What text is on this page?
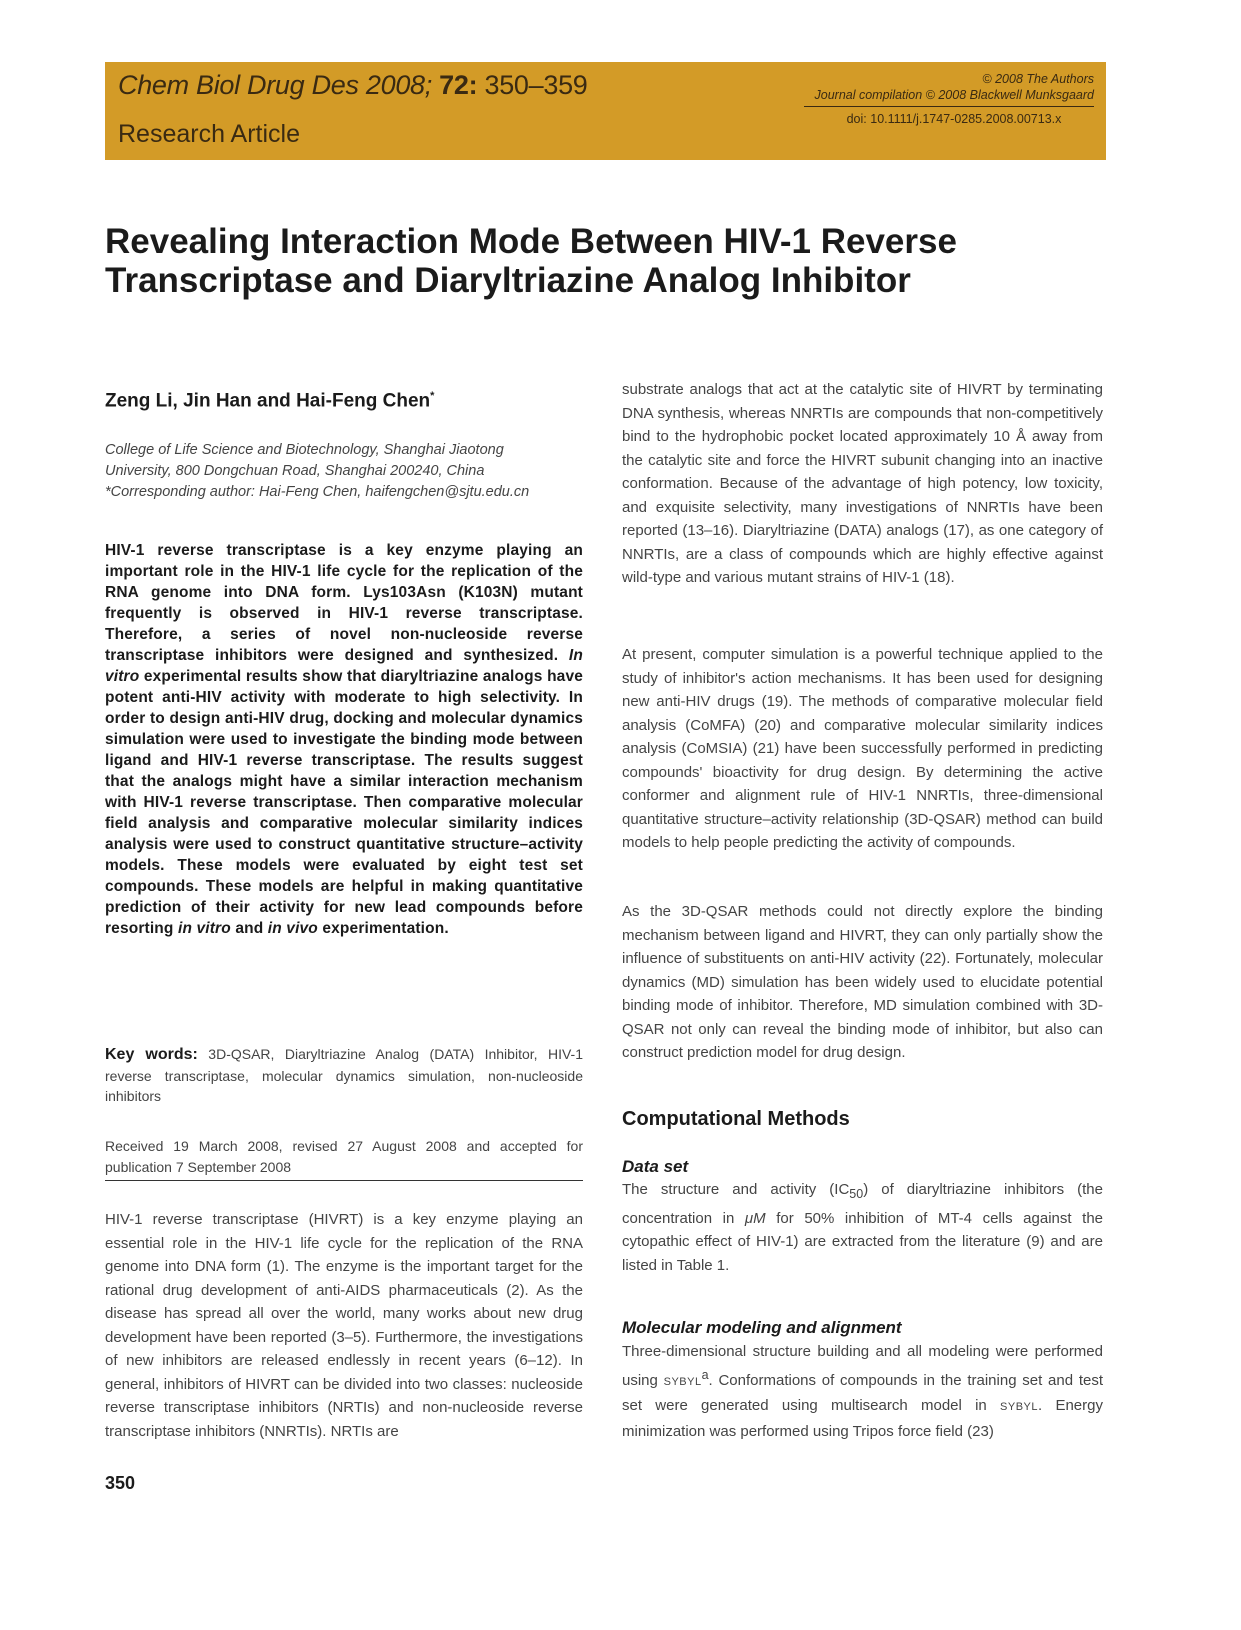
Chem Biol Drug Des 2008; 72: 350–359
Research Article
© 2008 The Authors
Journal compilation © 2008 Blackwell Munksgaard
doi: 10.1111/j.1747-0285.2008.00713.x
Revealing Interaction Mode Between HIV-1 Reverse Transcriptase and Diaryltriazine Analog Inhibitor
Zeng Li, Jin Han and Hai-Feng Chen*
College of Life Science and Biotechnology, Shanghai Jiaotong
University, 800 Dongchuan Road, Shanghai 200240, China
*Corresponding author: Hai-Feng Chen, haifengchen@sjtu.edu.cn

HIV-1 reverse transcriptase is a key enzyme playing an important role in the HIV-1 life cycle for the replication of the RNA genome into DNA form. Lys103Asn (K103N) mutant frequently is observed in HIV-1 reverse transcriptase. Therefore, a series of novel non-nucleoside reverse transcriptase inhibitors were designed and synthesized. In vitro experimental results show that diaryltriazine analogs have potent anti-HIV activity with moderate to high selectivity. In order to design anti-HIV drug, docking and molecular dynamics simulation were used to investigate the binding mode between ligand and HIV-1 reverse transcriptase. The results suggest that the analogs might have a similar interaction mechanism with HIV-1 reverse transcriptase. Then comparative molecular field analysis and comparative molecular similarity indices analysis were used to construct quantitative structure–activity models. These models were evaluated by eight test set compounds. These models are helpful in making quantitative prediction of their activity for new lead compounds before resorting in vitro and in vivo experimentation.

Key words: 3D-QSAR, Diaryltriazine Analog (DATA) Inhibitor, HIV-1 reverse transcriptase, molecular dynamics simulation, non-nucleoside inhibitors

Received 19 March 2008, revised 27 August 2008 and accepted for publication 7 September 2008

HIV-1 reverse transcriptase (HIVRT) is a key enzyme playing an essential role in the HIV-1 life cycle for the replication of the RNA genome into DNA form (1). The enzyme is the important target for the rational drug development of anti-AIDS pharmaceuticals (2). As the disease has spread all over the world, many works about new drug development have been reported (3–5). Furthermore, the investigations of new inhibitors are released endlessly in recent years (6–12). In general, inhibitors of HIVRT can be divided into two classes: nucleoside reverse transcriptase inhibitors (NRTIs) and non-nucleoside reverse transcriptase inhibitors (NNRTIs). NRTIs are

substrate analogs that act at the catalytic site of HIVRT by terminating DNA synthesis, whereas NNRTIs are compounds that non-competitively bind to the hydrophobic pocket located approximately 10 Å away from the catalytic site and force the HIVRT subunit changing into an inactive conformation. Because of the advantage of high potency, low toxicity, and exquisite selectivity, many investigations of NNRTIs have been reported (13–16). Diaryltriazine (DATA) analogs (17), as one category of NNRTIs, are a class of compounds which are highly effective against wild-type and various mutant strains of HIV-1 (18).

At present, computer simulation is a powerful technique applied to the study of inhibitor's action mechanisms. It has been used for designing new anti-HIV drugs (19). The methods of comparative molecular field analysis (CoMFA) (20) and comparative molecular similarity indices analysis (CoMSIA) (21) have been successfully performed in predicting compounds' bioactivity for drug design. By determining the active conformer and alignment rule of HIV-1 NNRTIs, three-dimensional quantitative structure–activity relationship (3D-QSAR) method can build models to help people predicting the activity of compounds.

As the 3D-QSAR methods could not directly explore the binding mechanism between ligand and HIVRT, they can only partially show the influence of substituents on anti-HIV activity (22). Fortunately, molecular dynamics (MD) simulation has been widely used to elucidate potential binding mode of inhibitor. Therefore, MD simulation combined with 3D-QSAR not only can reveal the binding mode of inhibitor, but also can construct prediction model for drug design.

Computational Methods
Data set

The structure and activity $(IC_{50})$ of diaryltriazine inhibitors (the concentration in μM for 50% inhibition of MT-4 cells against the cytopathic effect of HIV-1) are extracted from the literature (9) and are listed in Table 1.

Molecular modeling and alignment

Three-dimensional structure building and all modeling were performed using SYBYL$^a$. Conformations of compounds in the training set and test set were generated using multisearch model in SYBYL. Energy minimization was performed using Tripos force field (23)

350
